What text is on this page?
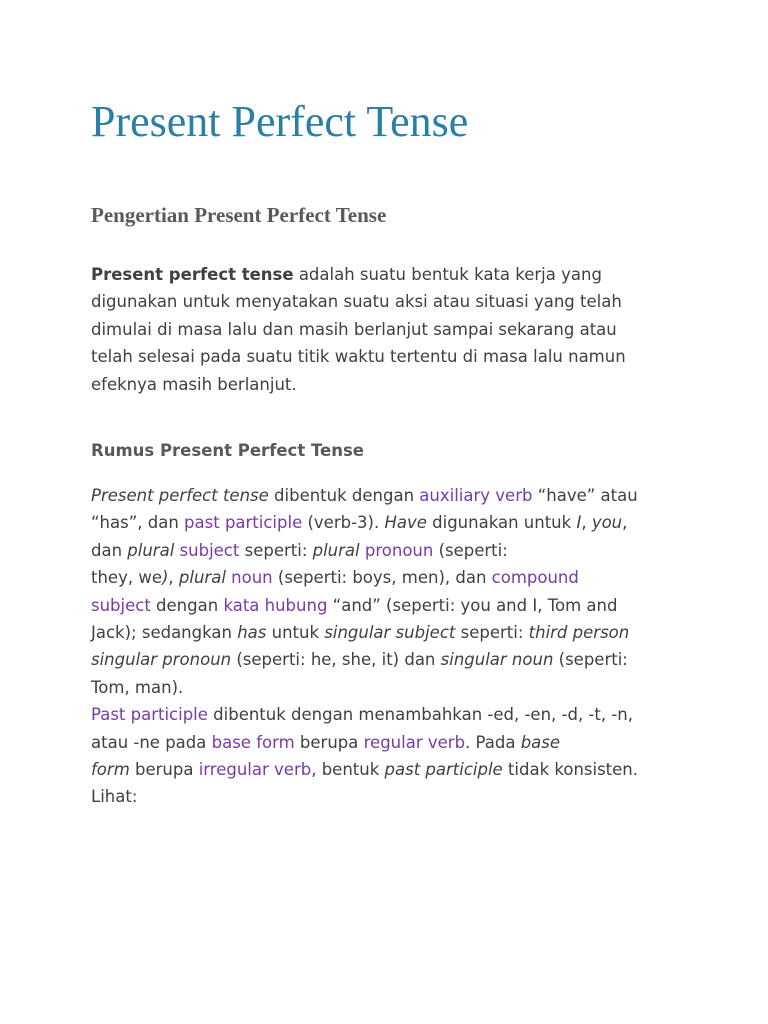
Present Perfect Tense
Pengertian Present Perfect Tense

Present perfect tense adalah suatu bentuk kata kerja yang
digunakan untuk menyatakan suatu aksi atau situasi yang telah
dimulai di masa lalu dan masih berlanjut sampai sekarang atau
telah selesai pada suatu titik waktu tertentu di masa lalu namun
efeknya masih berlanjut.

Rumus Present Perfect Tense

Present perfect tense dibentuk dengan auxiliary verb “have” atau
“has”, dan past participle (verb-3). Have digunakan untuk I, you,
dan plural subject seperti: plural pronoun (seperti:
they, we), plural noun (seperti: boys, men), dan compound
subject dengan kata hubung “and” (seperti: you and I, Tom and
Jack); sedangkan has untuk singular subject seperti: third person
singular pronoun (seperti: he, she, it) dan singular noun (seperti:
Tom, man).
Past participle dibentuk dengan menambahkan -ed, -en, -d, -t, -n,
atau -ne pada base form berupa regular verb. Pada base
form berupa irregular verb, bentuk past participle tidak konsisten.
Lihat:
